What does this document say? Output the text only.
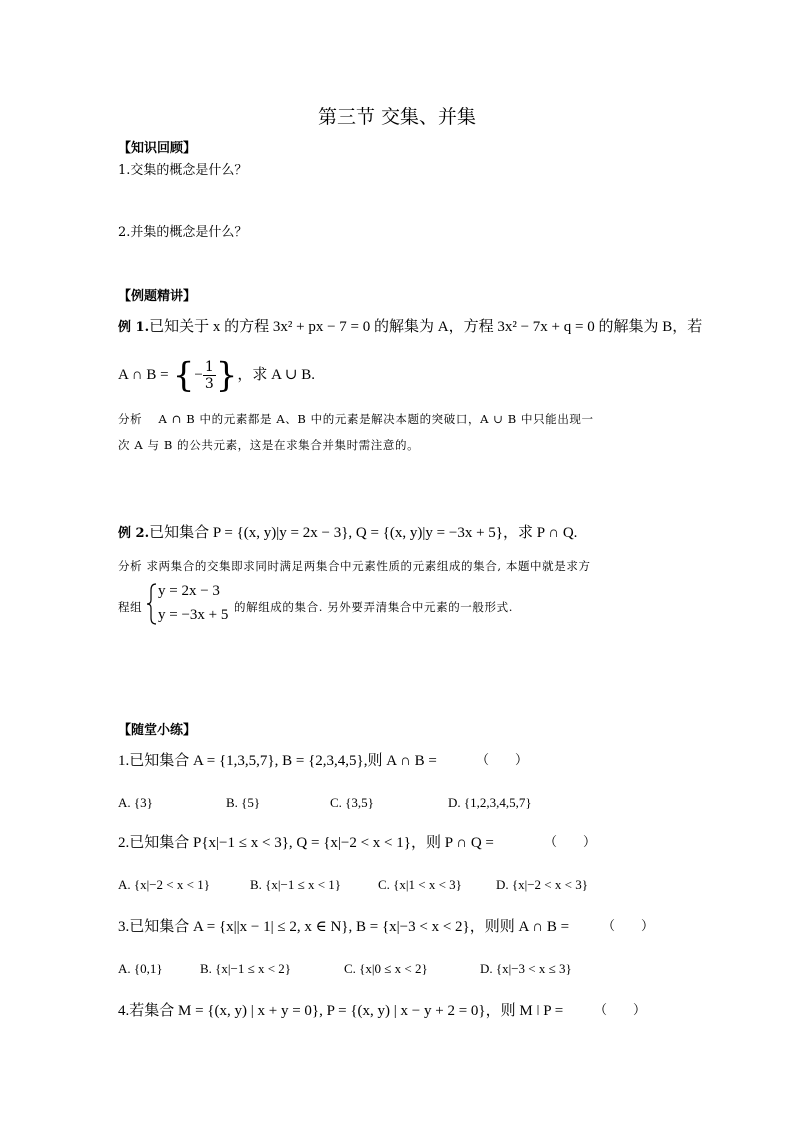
第三节 交集、并集
【知识回顾】
1.交集的概念是什么？
2.并集的概念是什么？
【例题精讲】
例 1.已知关于 x 的方程 3x² + px − 7 = 0 的解集为 A，方程 3x² − 7x + q = 0 的解集为 B，若
A ∩ B = {− $\frac{1}{3}$ }，求 A ∪ B.
分析　 A ∩ B 中的元素都是 A、B 中的元素是解决本题的突破口，A ∪ B 中只能出现一
次 A 与 B 的公共元素，这是在求集合并集时需注意的。
例 2.已知集合 P = {(x, y)|y = 2x − 3}, Q = {(x, y)|y = −3x + 5}，求 P ∩ Q.
分析 求两集合的交集即求同时满足两集合中元素性质的元素组成的集合, 本题中就是求方
程组
y = 2x − 3
y = −3x + 5 的解组成的集合. 另外要弄清集合中元素的一般形式.
【随堂小练】
1.已知集合 A = {1,3,5,7}, B = {2,3,4,5},则 A ∩ B =	（　　）
A. {3}	B. {5}	C. {3,5}	D. {1,2,3,4,5,7}
2.已知集合 P{x|−1 ≤ x < 3}, Q = {x|−2 < x < 1}，则 P ∩ Q =	（　　）
A. {x|−2 < x < 1}	B. {x|−1 ≤ x < 1}	C. {x|1 < x < 3}	D. {x|−2 < x < 3}
3.已知集合 A = {x||x − 1| ≤ 2, x ∈ N}, B = {x|−3 < x < 2}，则则 A ∩ B =	（　　）
A. {0,1}	B. {x|−1 ≤ x < 2}	C. {x|0 ≤ x < 2}	D. {x|−3 < x ≤ 3}
4.若集合 M = {(x, y) | x + y = 0}, P = {(x, y) | x − y + 2 = 0}，则 M ǀ P = （　　）
